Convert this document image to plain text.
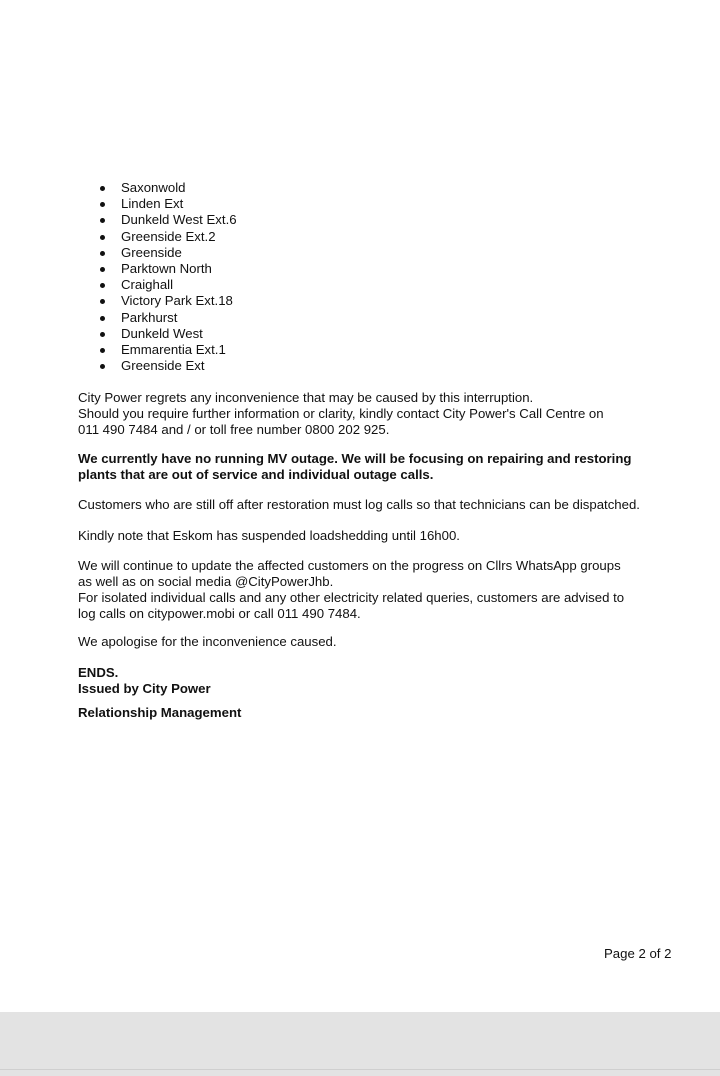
Saxonwold
Linden Ext
Dunkeld West Ext.6
Greenside Ext.2
Greenside
Parktown North
Craighall
Victory Park Ext.18
Parkhurst
Dunkeld West
Emmarentia Ext.1
Greenside Ext

City Power regrets any inconvenience that may be caused by this interruption.

Should you require further information or clarity, kindly contact City Power's Call Centre on

011 490 7484 and / or toll free number 0800 202 925.

We currently have no running MV outage. We will be focusing on repairing and restoring

plants that are out of service and individual outage calls.

Customers who are still off after restoration must log calls so that technicians can be dispatched.

Kindly note that Eskom has suspended loadshedding until 16h00.

We will continue to update the affected customers on the progress on Cllrs WhatsApp groups

as well as on social media @CityPowerJhb.

For isolated individual calls and any other electricity related queries, customers are advised to

log calls on citypower.mobi or call 011 490 7484.

We apologise for the inconvenience caused.

ENDS.

Issued by City Power

Relationship Management

Page 2 of 2
